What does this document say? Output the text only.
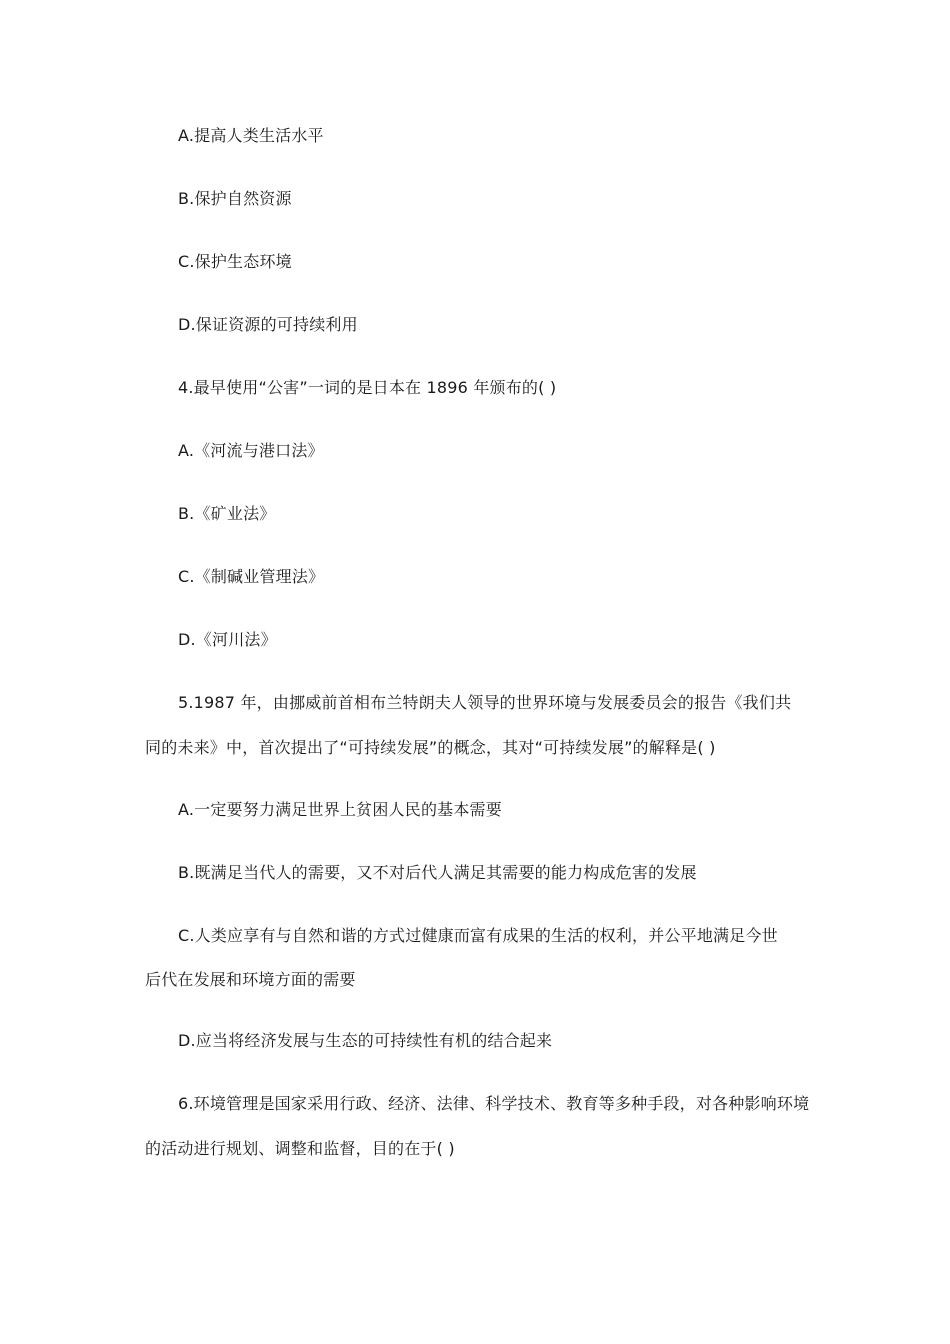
A.提高人类生活水平
B.保护自然资源
C.保护生态环境
D.保证资源的可持续利用
4.最早使用“公害”一词的是日本在 1896 年颁布的( )
A.《河流与港口法》
B.《矿业法》
C.《制碱业管理法》
D.《河川法》
5.1987 年，由挪威前首相布兰特朗夫人领导的世界环境与发展委员会的报告《我们共
同的未来》中，首次提出了“可持续发展”的概念，其对“可持续发展”的解释是( )
A.一定要努力满足世界上贫困人民的基本需要
B.既满足当代人的需要，又不对后代人满足其需要的能力构成危害的发展
C.人类应享有与自然和谐的方式过健康而富有成果的生活的权利，并公平地满足今世
后代在发展和环境方面的需要
D.应当将经济发展与生态的可持续性有机的结合起来
6.环境管理是国家采用行政、经济、法律、科学技术、教育等多种手段，对各种影响环境
的活动进行规划、调整和监督，目的在于( )
